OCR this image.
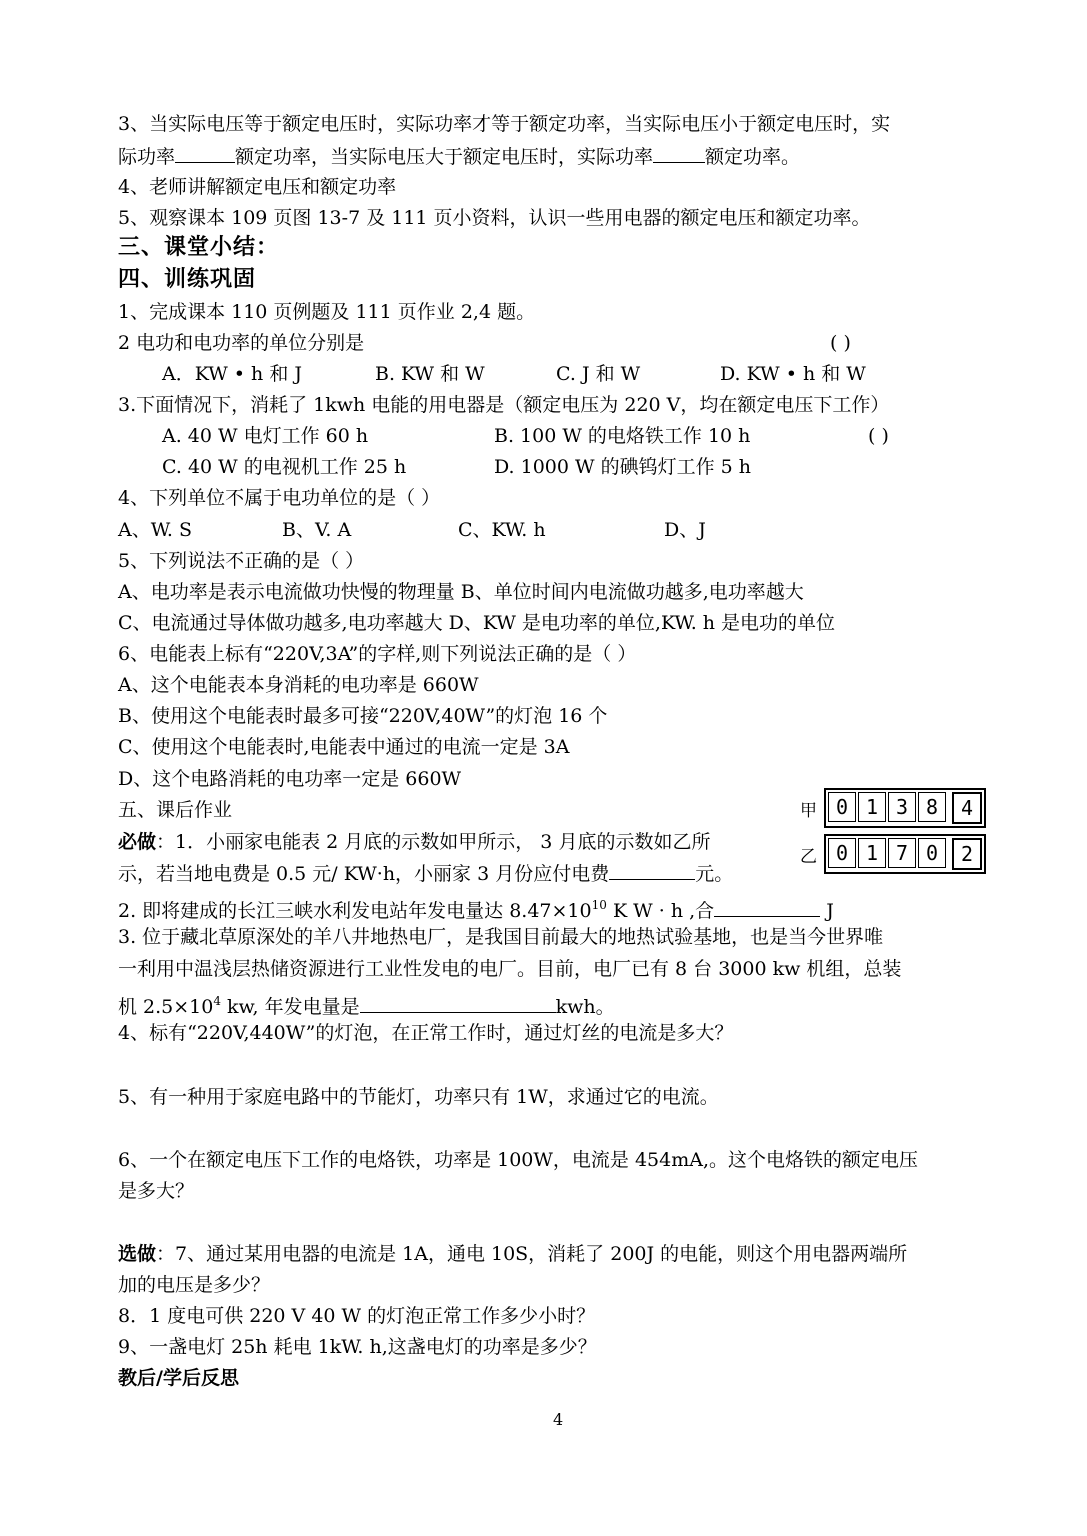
3、当实际电压等于额定电压时，实际功率才等于额定功率，当实际电压小于额定电压时，实
际功率	额定功率，当实际电压大于额定电压时，实际功率	额定功率。
4、老师讲解额定电压和额定功率
5、观察课本 109 页图 13-7 及 111 页小资料，认识一些用电器的额定电压和额定功率。
三、课堂小结：
四、训练巩固
1、完成课本 110 页例题及 111 页作业 2,4 题。
2 电功和电功率的单位分别是	( )
A．KW • h 和 J	B. KW 和 W	C. J 和 W	D. KW • h 和 W
3.下面情况下，消耗了 1kwh 电能的用电器是（额定电压为 220 V，均在额定电压下工作）
A. 40 W 电灯工作 60 h	B. 100 W 的电烙铁工作 10 h	( )
C. 40 W 的电视机工作 25 h	D. 1000 W 的碘钨灯工作 5 h
4、下列单位不属于电功单位的是（ ）
A、W. S	B、V. A	C、KW. h	D、J
5、下列说法不正确的是（ ）
A、电功率是表示电流做功快慢的物理量 B、单位时间内电流做功越多,电功率越大
C、电流通过导体做功越多,电功率越大 D、KW 是电功率的单位,KW. h 是电功的单位
6、电能表上标有“220V,3A”的字样,则下列说法正确的是（ ）
A、这个电能表本身消耗的电功率是 660W
B、使用这个电能表时最多可接“220V,40W”的灯泡 16 个
C、使用这个电能表时,电能表中通过的电流一定是 3A
D、这个电路消耗的电功率一定是 660W
五、课后作业
必做：1．小丽家电能表 2 月底的示数如甲所示， 3 月底的示数如乙所
示，若当地电费是 0.5 元/ KW·h，小丽家 3 月份应付电费	元。
甲 0 1 3 8	4
乙 0 1 7 0	2
2. 即将建成的长江三峡水利发电站年发电量达 $8.47\times 10^{10}$ K W · h ,合	J
3. 位于藏北草原深处的羊八井地热电厂，是我国目前最大的地热试验基地，也是当今世界唯
一利用中温浅层热储资源进行工业性发电的电厂。目前，电厂已有 8 台 3000 kw 机组，总装
机 $2.5\times 10^4$ kw, 年发电量是	kwh。
4、标有“220V,440W”的灯泡，在正常工作时，通过灯丝的电流是多大？
5、有一种用于家庭电路中的节能灯，功率只有 1W，求通过它的电流。
6、一个在额定电压下工作的电烙铁，功率是 100W，电流是 454mA,。这个电烙铁的额定电压
是多大？
选做：7、通过某用电器的电流是 1A，通电 10S，消耗了 200J 的电能，则这个用电器两端所
加的电压是多少？
8．1 度电可供 220 V 40 W 的灯泡正常工作多少小时？
9、一盏电灯 25h 耗电 1kW. h,这盏电灯的功率是多少？
教后/学后反思
4
